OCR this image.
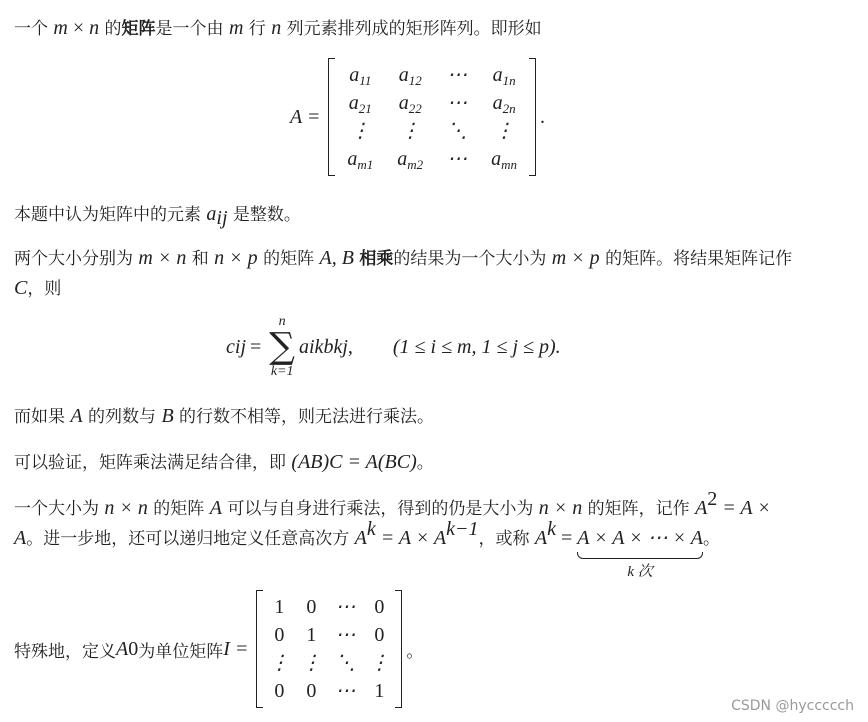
一个 m × n 的矩阵是一个由 m 行 n 列元素排列成的矩形阵列。即形如
A =
$a_{11}$	$a_{12}$	⋯	$a_{1n}$
$a_{21}$	$a_{22}$	⋯	$a_{2n}$
⋮	⋮	⋱	⋮
$a_{m1}$	$a_{m2}$	⋯	$a_{mn}$
.
本题中认为矩阵中的元素 $a_{ij}$ 是整数。
两个大小分别为 m × n 和 n × p 的矩阵 A, B 相乘的结果为一个大小为 m × p 的矩阵。将结果矩阵记作
C，则
c ij =
n
∑
k=1
a ik b kj , (1 ≤ i ≤ m, 1 ≤ j ≤ p).
而如果 A 的列数与 B 的行数不相等，则无法进行乘法。
可以验证，矩阵乘法满足结合律，即 (AB)C = A(BC)。
一个大小为 n × n 的矩阵 A 可以与自身进行乘法，得到的仍是大小为 n × n 的矩阵，记作 $A^2 = A$ ×
A。进一步地，还可以递归地定义任意高次方 $A^k = A \times A^{k-1}$，或称 $A^k = A \times A$ × ⋯ × A
k 次
。
特殊地，定义 A 0 为单位矩阵 I =
1	0	⋯	0
0	1	⋯	0
⋮	⋮	⋱	⋮
0	0	⋯	1
。
CSDN @hyccccch
